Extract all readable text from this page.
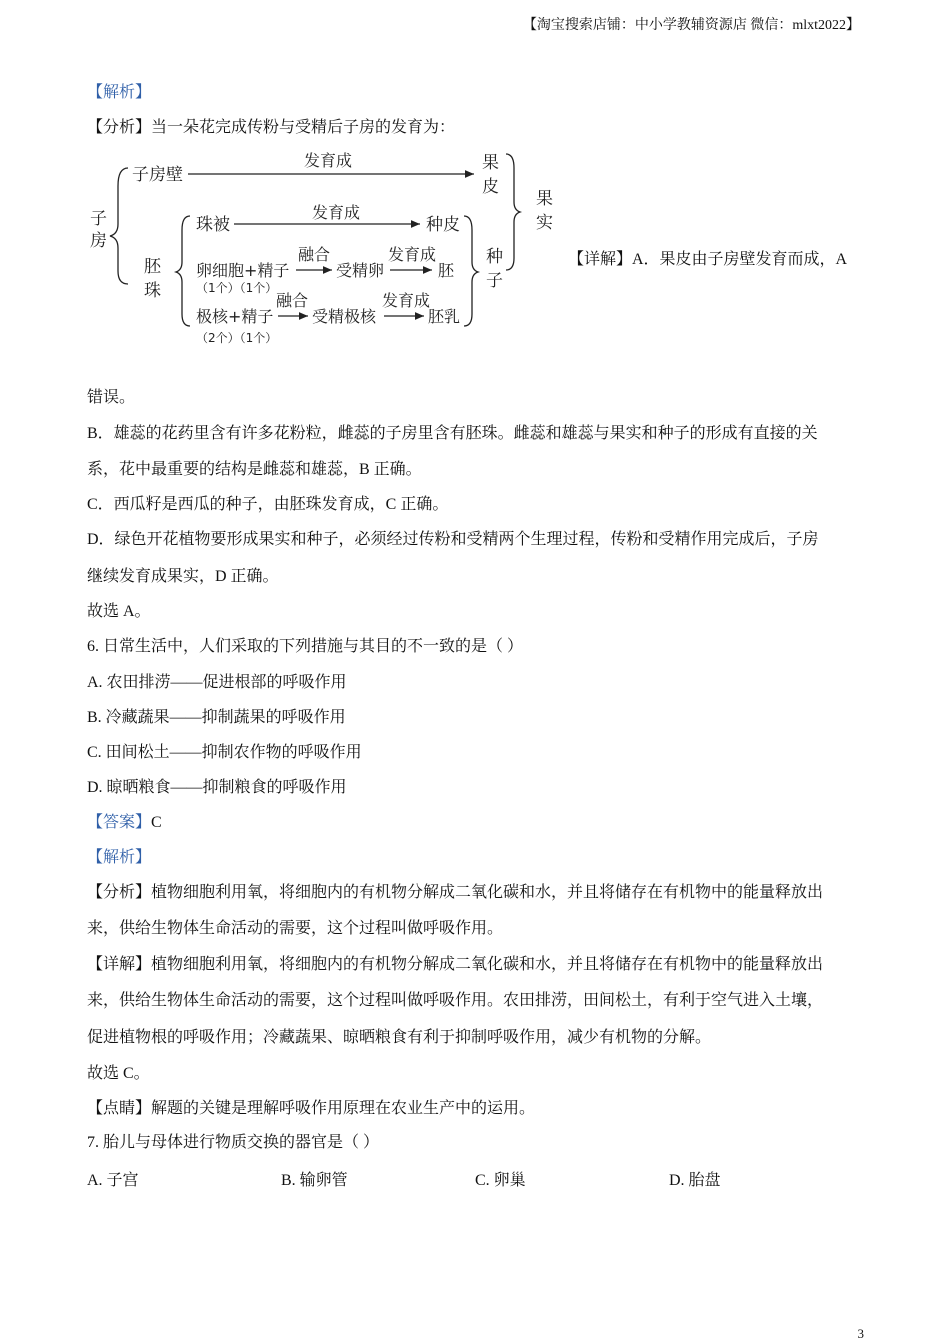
【淘宝搜索店铺：中小学教辅资源店 微信：mlxt2022】
【解析】
【分析】当一朵花完成传粉与受精后子房的发育为：
子
房
子房壁
发育成	果
皮
果
实
胚
珠
珠被
发育成
种皮
种
子
融合
卵细胞+精子	受精卵
发育成
胚
（1个）（1个）
融合
极核+精子 受精极核
发育成
胚乳
（2个）（1个）
【详解】A．果皮由子房壁发育而成，A
错误。
B．雄蕊的花药里含有许多花粉粒，雌蕊的子房里含有胚珠。雌蕊和雄蕊与果实和种子的形成有直接的关
系，花中最重要的结构是雌蕊和雄蕊，B 正确。
C．西瓜籽是西瓜的种子，由胚珠发育成，C 正确。
D．绿色开花植物要形成果实和种子，必须经过传粉和受精两个生理过程，传粉和受精作用完成后，子房
继续发育成果实，D 正确。
故选 A。
6. 日常生活中，人们采取的下列措施与其目的不一致的是（ ）
A. 农田排涝——促进根部的呼吸作用
B. 冷藏蔬果——抑制蔬果的呼吸作用
C. 田间松土——抑制农作物的呼吸作用
D. 晾晒粮食——抑制粮食的呼吸作用
【答案】C
【解析】
【分析】植物细胞利用氧，将细胞内的有机物分解成二氧化碳和水，并且将储存在有机物中的能量释放出
来，供给生物体生命活动的需要，这个过程叫做呼吸作用。
【详解】植物细胞利用氧，将细胞内的有机物分解成二氧化碳和水，并且将储存在有机物中的能量释放出
来，供给生物体生命活动的需要，这个过程叫做呼吸作用。农田排涝，田间松土，有利于空气进入土壤，
促进植物根的呼吸作用；冷藏蔬果、晾晒粮食有利于抑制呼吸作用，减少有机物的分解。
故选 C。
【点睛】解题的关键是理解呼吸作用原理在农业生产中的运用。
7. 胎儿与母体进行物质交换的器官是（ ）
A. 子宫	B. 输卵管	C. 卵巢	D. 胎盘
3
